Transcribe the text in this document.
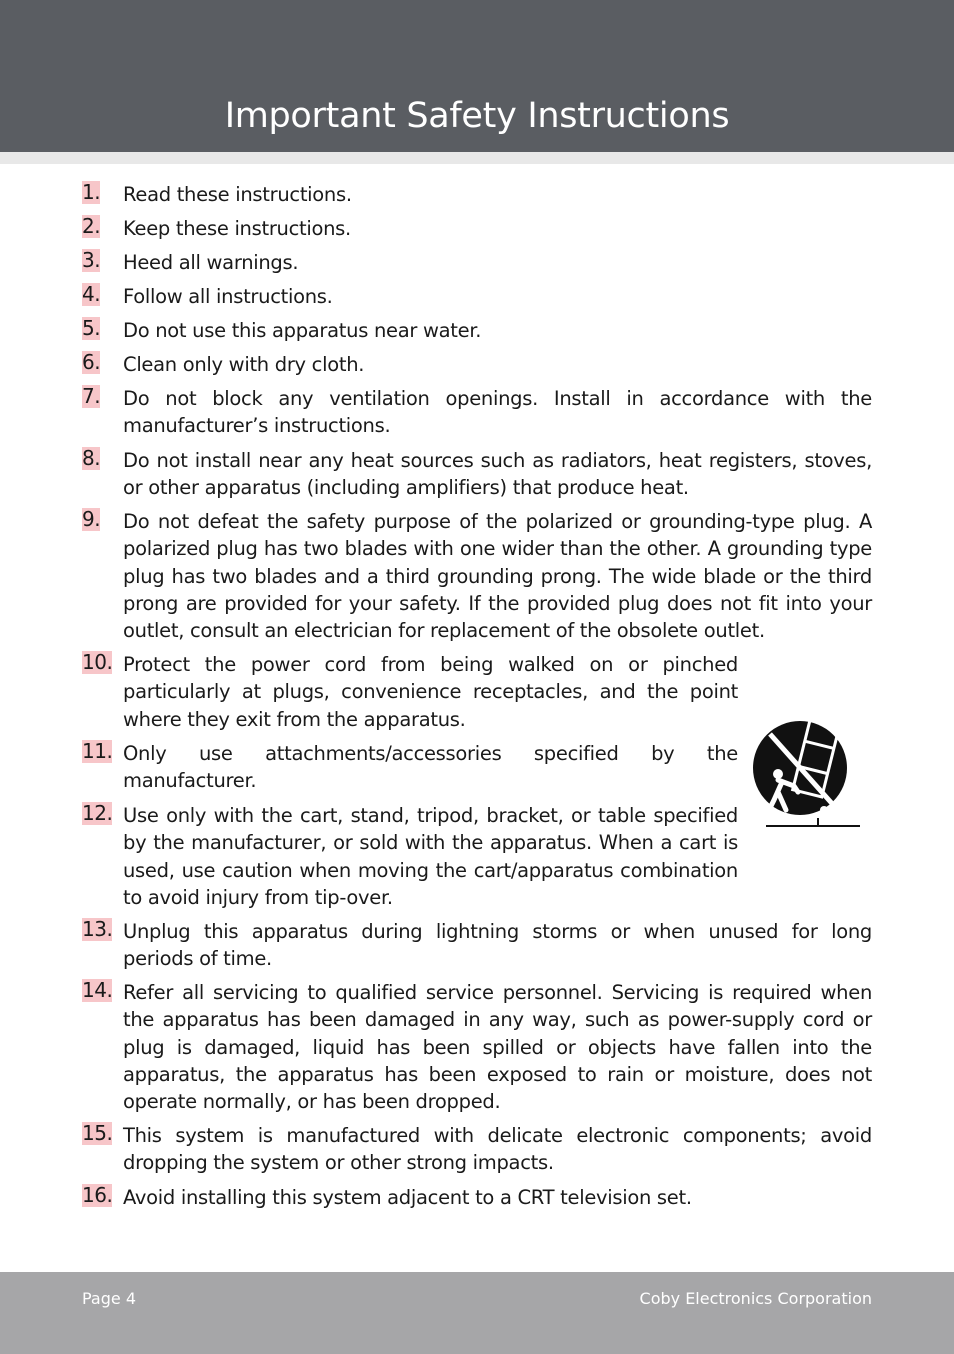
Important Safety Instructions
1. Read these instructions.
2. Keep these instructions.
3. Heed all warnings.
4. Follow all instructions.
5. Do not use this apparatus near water.
6. Clean only with dry cloth.
7. Do not block any ventilation openings. Install in accordance with the manufacturer’s instructions.
8. Do not install near any heat sources such as radiators, heat registers, stoves, or other apparatus (including amplifiers) that produce heat.
9. Do not defeat the safety purpose of the polarized or grounding-type plug. A polarized plug has two blades with one wider than the other. A grounding type plug has two blades and a third grounding prong. The wide blade or the third prong are provided for your safety. If the provided plug does not fit into your outlet, consult an electrician for replacement of the obsolete outlet.
10. Protect the power cord from being walked on or pinched particularly at plugs, convenience receptacles, and the point where they exit from the apparatus.
11. Only use attachments/accessories specified by the manufacturer.
12. Use only with the cart, stand, tripod, bracket, or table specified by the manufacturer, or sold with the apparatus. When a cart is used, use caution when moving the cart/apparatus combination to avoid injury from tip-over.
13. Unplug this apparatus during lightning storms or when unused for long periods of time.
14. Refer all servicing to qualified service personnel. Servicing is required when the apparatus has been damaged in any way, such as power-supply cord or plug is damaged, liquid has been spilled or objects have fallen into the apparatus, the apparatus has been exposed to rain or moisture, does not operate normally, or has been dropped.
15. This system is manufactured with delicate electronic components; avoid dropping the system or other strong impacts.
16. Avoid installing this system adjacent to a CRT television set.
Page 4	Coby Electronics Corporation
